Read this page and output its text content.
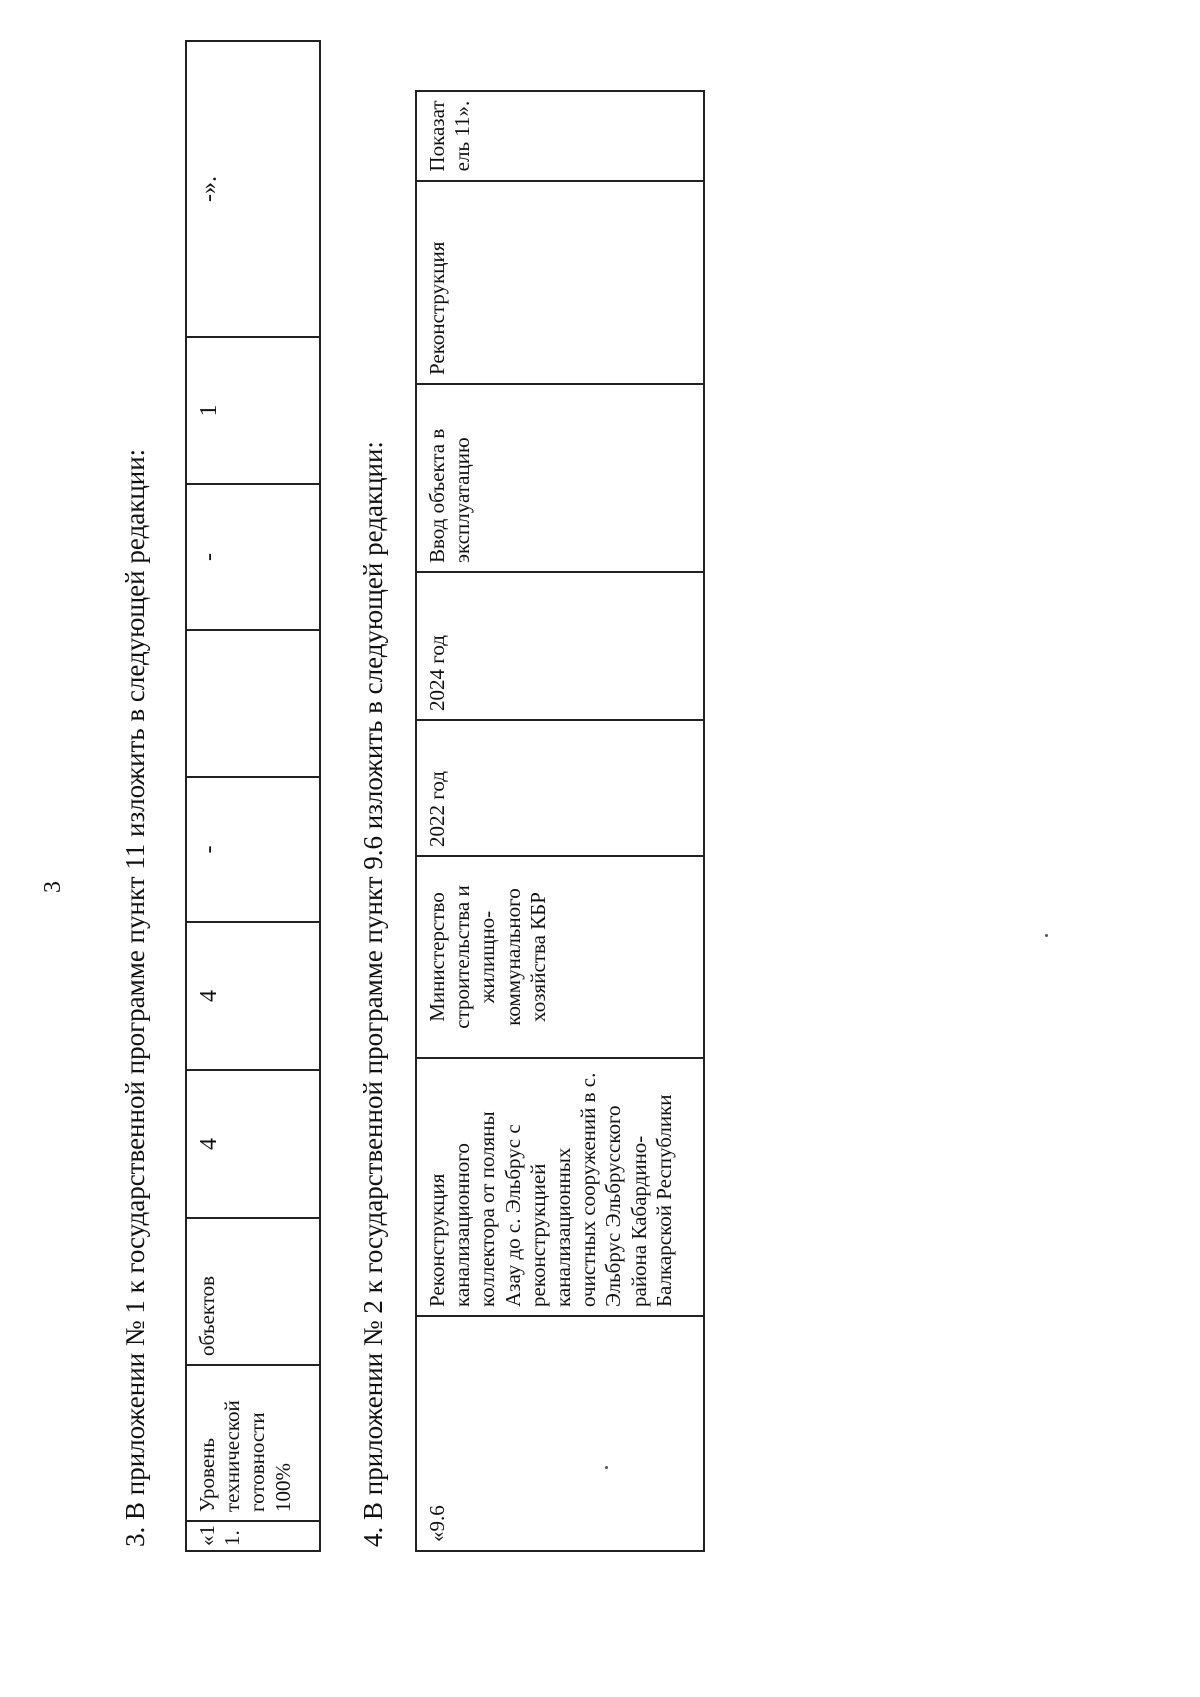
3 3. В приложении № 1 к государственной программе пункт 11 изложить в следующей редакции: «11.	Уровень технической готовности 100%	объектов	4	4	-		-	1	-».
4. В приложении № 2 к государственной программе пункт 9.6 изложить в следующей редакции: «9.6	Реконструкция канализационного коллектора от поляны Азау до с. Эльбрус с реконструкцией канализационных очистных сооружений в с. Эльбрус Эльбрусского района Кабардино-Балкарской Республики	Министерство строительства и жилищно-коммунального хозяйства КБР	2022 год	2024 год	Ввод объекта в эксплуатацию	Реконструкция	Показатель 11».
